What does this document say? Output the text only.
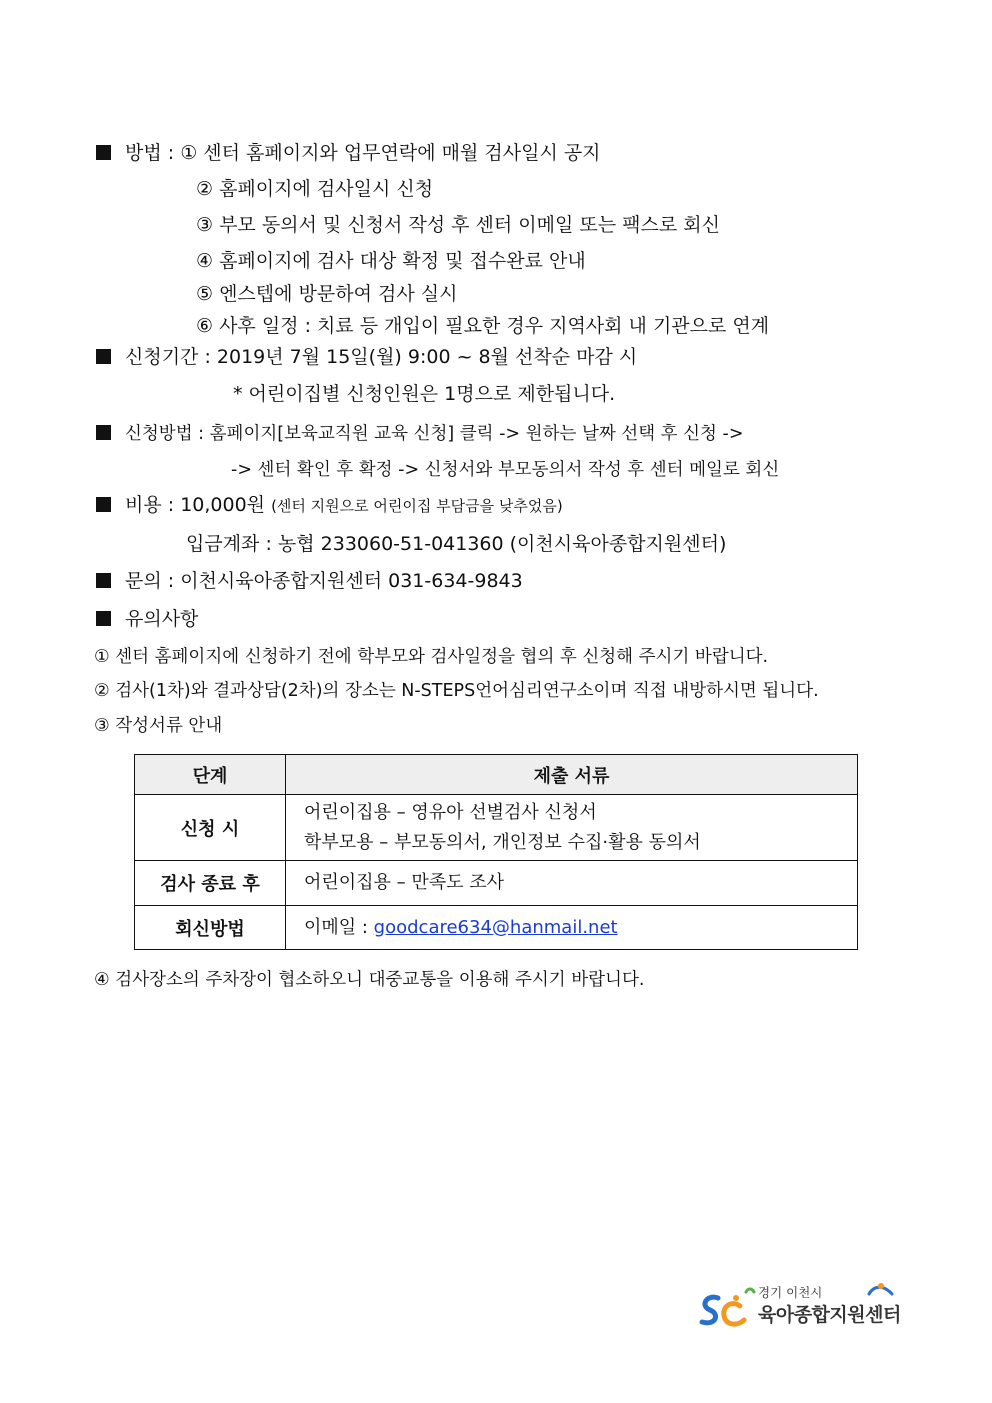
방법 : ① 센터 홈페이지와 업무연락에 매월 검사일시 공지
② 홈페이지에 검사일시 신청
③ 부모 동의서 및 신청서 작성 후 센터 이메일 또는 팩스로 회신
④ 홈페이지에 검사 대상 확정 및 접수완료 안내
⑤ 엔스텝에 방문하여 검사 실시
⑥ 사후 일정 : 치료 등 개입이 필요한 경우 지역사회 내 기관으로 연계
신청기간 : 2019년 7월 15일(월) 9:00 ~ 8월 선착순 마감 시
* 어린이집별 신청인원은 1명으로 제한됩니다.
신청방법 : 홈페이지[보육교직원 교육 신청] 클릭 -> 원하는 날짜 선택 후 신청 ->
-> 센터 확인 후 확정 -> 신청서와 부모동의서 작성 후 센터 메일로 회신
비용 : 10,000원 (센터 지원으로 어린이집 부담금을 낮추었음)
입금계좌 : 농협 233060-51-041360 (이천시육아종합지원센터)
문의 : 이천시육아종합지원센터 031-634-9843
유의사항
① 센터 홈페이지에 신청하기 전에 학부모와 검사일정을 협의 후 신청해 주시기 바랍니다.
② 검사(1차)와 결과상담(2차)의 장소는 N-STEPS언어심리연구소이며 직접 내방하시면 됩니다.
③ 작성서류 안내
단계	제출 서류
신청 시	어린이집용 – 영유아 선별검사 신청서
학부모용 – 부모동의서, 개인정보 수집·활용 동의서

검사 종료 후	어린이집용 – 만족도 조사

회신방법	이메일 : goodcare634@hanmail.net
④ 검사장소의 주차장이 협소하오니 대중교통을 이용해 주시기 바랍니다.
경기 이천시
육아종합지원센터
